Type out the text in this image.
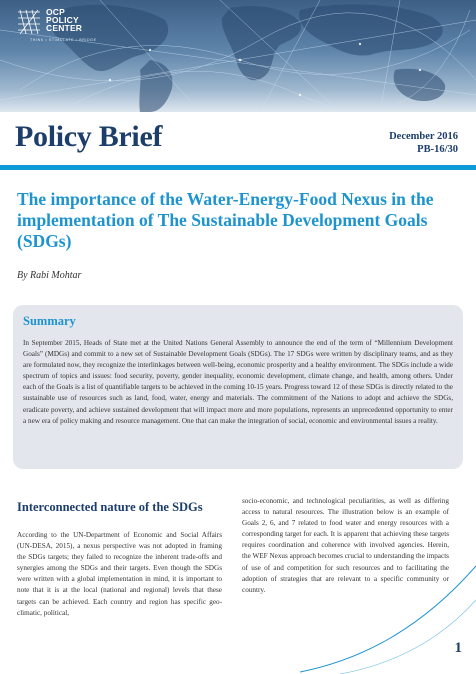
OCP
POLICY
CENTER
THINK • STIMULATE • BRIDGE
Policy Brief	December 2016
PB-16/30
The importance of the Water-Energy-Food Nexus in the implementation of The Sustainable Development Goals (SDGs)
By Rabi Mohtar
Summary

In September 2015, Heads of State met at the United Nations General Assembly to announce the end of the term of “Millennium Development Goals” (MDGs) and commit to a new set of Sustainable Development Goals (SDGs). The 17 SDGs were written by disciplinary teams, and as they are formulated now, they recognize the interlinkages between well-being, economic prosperity and a healthy environment. The SDGs include a wide spectrum of topics and issues: food security, poverty, gender inequality, economic development, climate change, and health, among others. Under each of the Goals is a list of quantifiable targets to be achieved in the coming 10-15 years. Progress toward 12 of these SDGs is directly related to the sustainable use of resources such as land, food, water, energy and materials. The commitment of the Nations to adopt and achieve the SDGs, eradicate poverty, and achieve sustained development that will impact more and more populations, represents an unprecedented opportunity to enter a new era of policy making and resource management. One that can make the integration of social, economic and environmental issues a reality.

Interconnected nature of the SDGs

According to the UN-Department of Economic and Social Affairs (UN-DESA, 2015), a nexus perspective was not adopted in framing the SDGs targets; they failed to recognize the inherent trade-offs and synergies among the SDGs and their targets. Even though the SDGs were written with a global implementation in mind, it is important to note that it is at the local (national and regional) levels that these targets can be achieved. Each country and region has specific geo-climatic, political,

socio-economic, and technological peculiarities, as well as differing access to natural resources. The illustration below is an example of Goals 2, 6, and 7 related to food water and energy resources with a corresponding target for each. It is apparent that achieving these targets requires coordination and coherence with involved agencies. Herein, the WEF Nexus approach becomes crucial to understanding the impacts of use of and competition for such resources and to facilitating the adoption of strategies that are relevant to a specific community or country.

1
